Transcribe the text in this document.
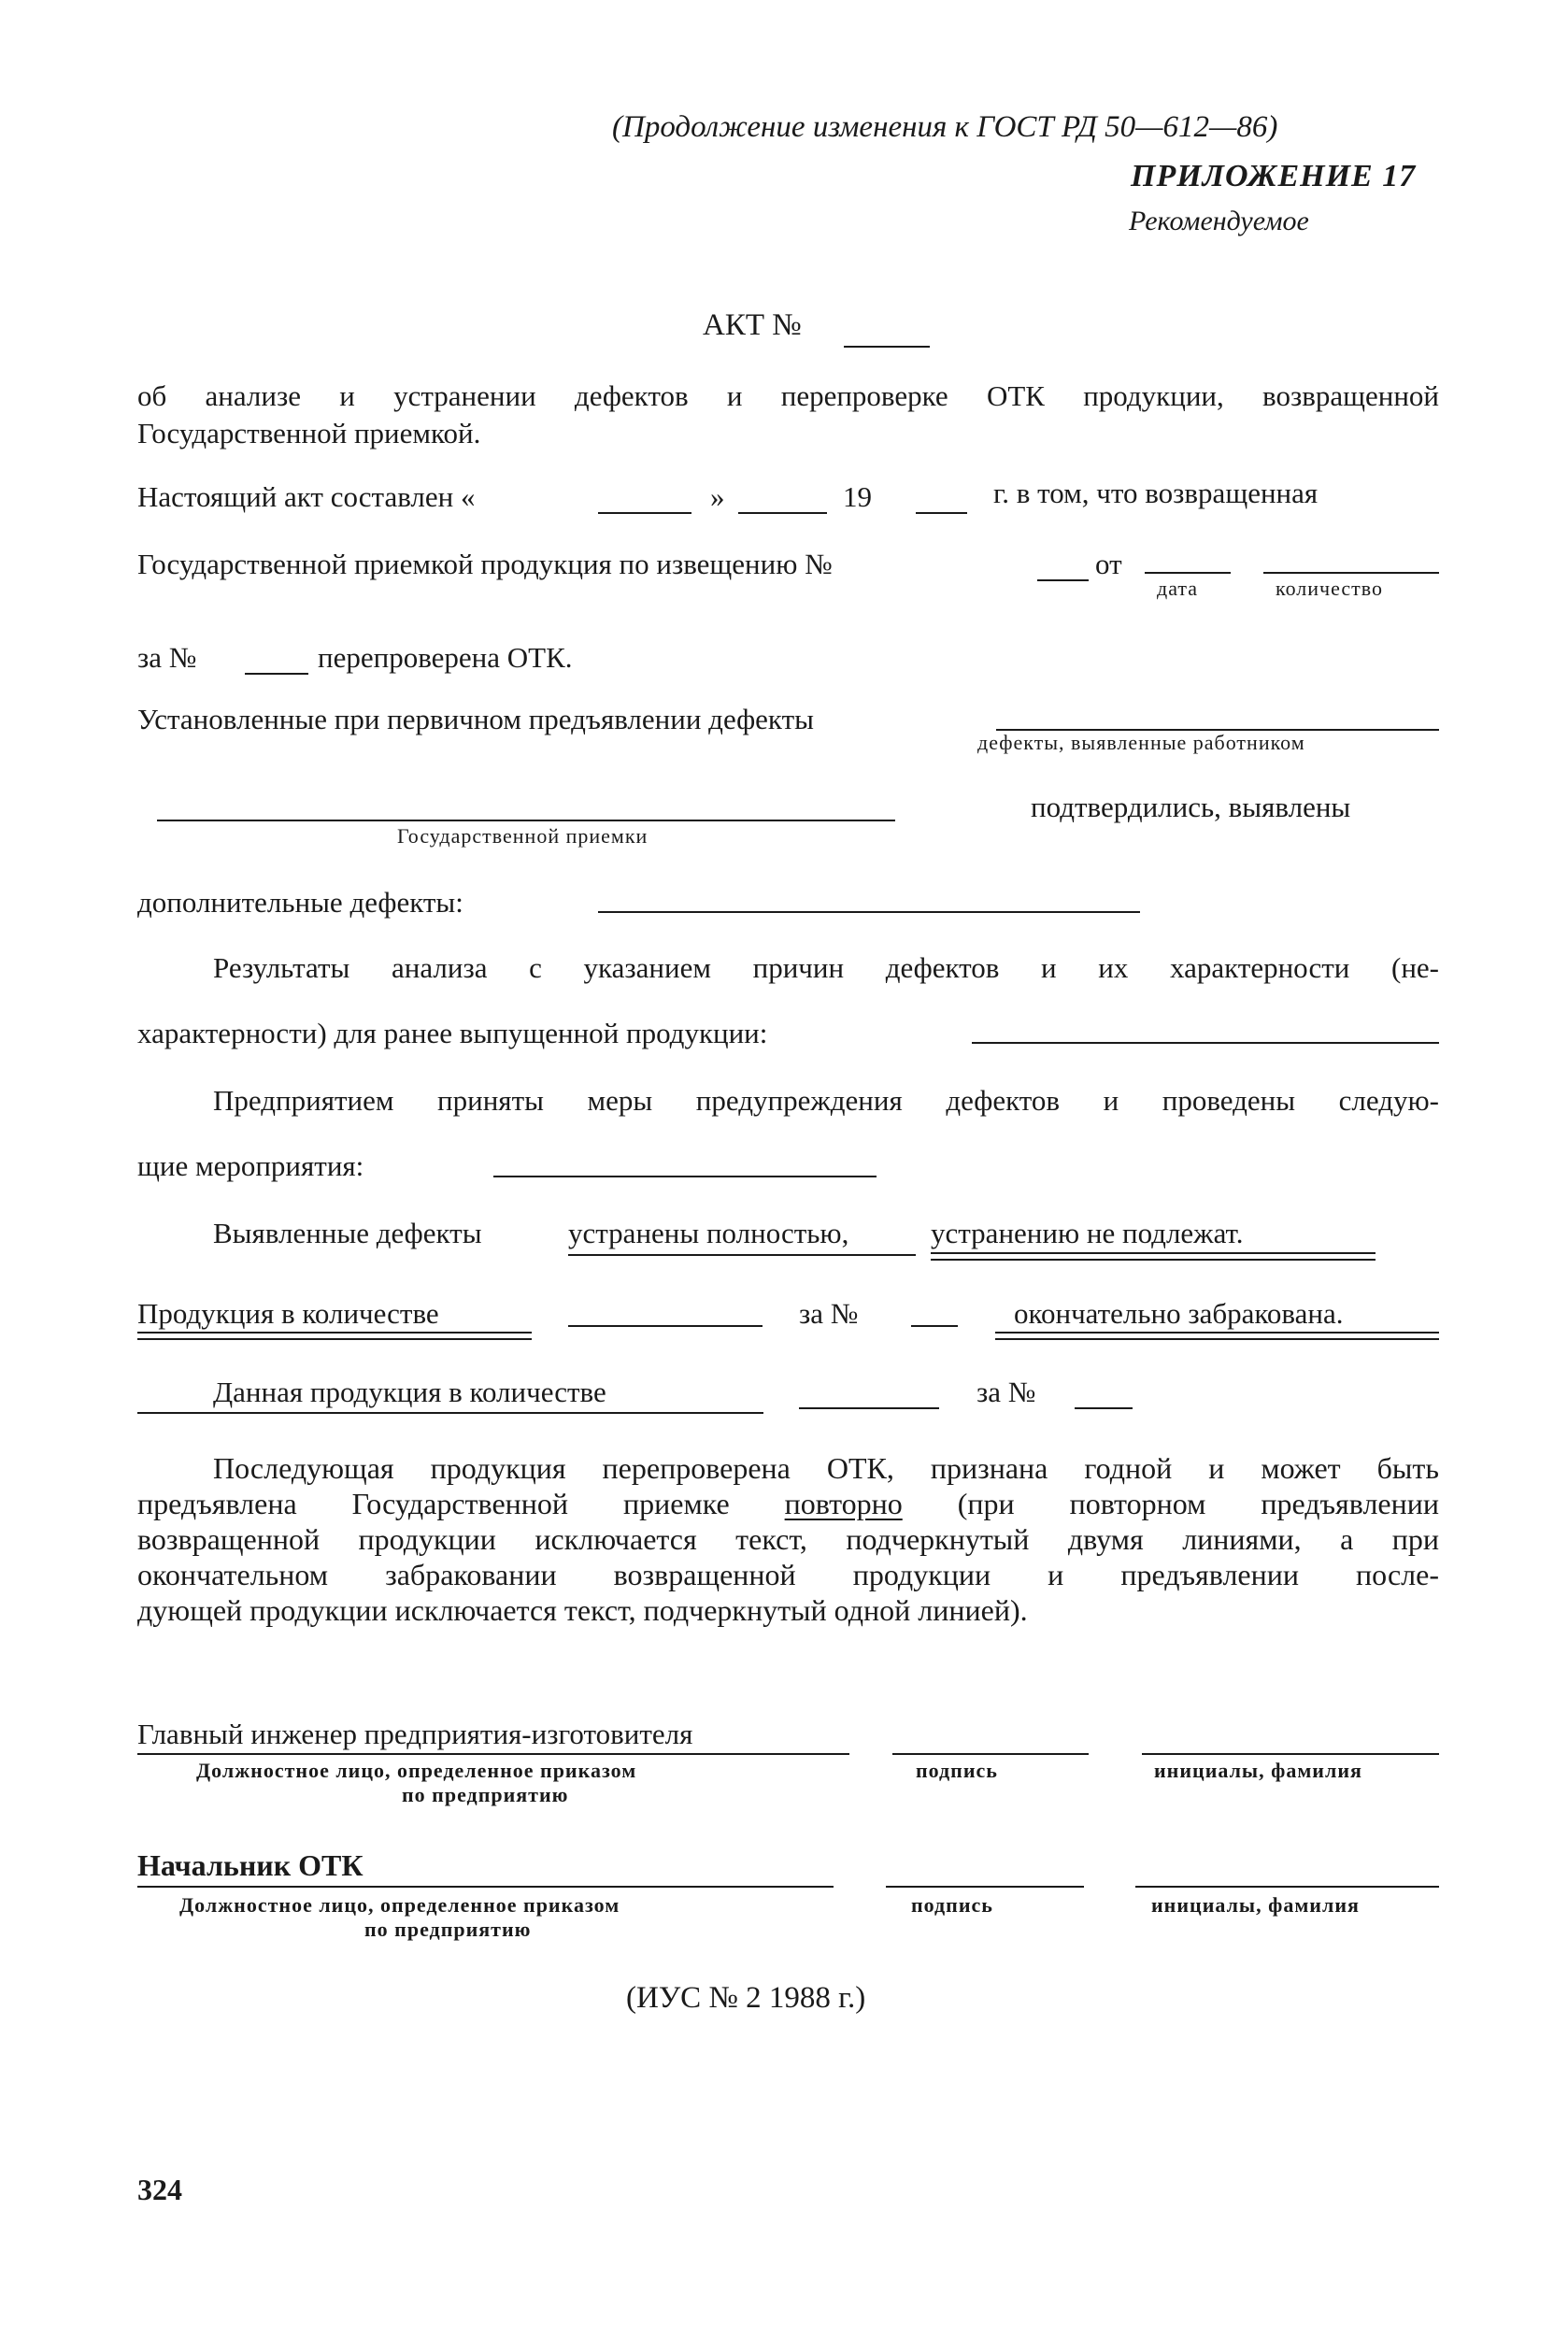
(Продолжение изменения к ГОСТ РД 50—612—86)
ПРИЛОЖЕНИЕ 17
Рекомендуемое
АКТ №
об анализе и устранении дефектов и перепроверке ОТК продукции, возвращенной
Государственной приемкой.
Настоящий акт составлен «	»	19	г. в том, что возвращенная
Государственной приемкой продукция по извещению №	от
дата	количество
за №	перепроверена ОТК.
Установленные при первичном предъявлении дефекты
дефекты, выявленные работником
Государственной приемки
подтвердились, выявлены
дополнительные дефекты:
Результаты анализа с указанием причин дефектов и их характерности (не-
характерности) для ранее выпущенной продукции:
Предприятием приняты меры предупреждения дефектов и проведены следую-
щие мероприятия:
Выявленные дефекты	устранены полностью,	устранению не подлежат.
Продукция в количестве	за №	окончательно забракована.
Данная продукция в количестве	за №
Последующая продукция перепроверена ОТК, признана годной и может быть
предъявлена Государственной приемке повторно (при повторном предъявлении
возвращенной продукции исключается текст, подчеркнутый двумя линиями, а при
окончательном забраковании возвращенной продукции и предъявлении после-
дующей продукции исключается текст, подчеркнутый одной линией).
Главный инженер предприятия-изготовителя
Должностное лицо, определенное приказом
по предприятию
подпись	инициалы, фамилия
Начальник ОТК
Должностное лицо, определенное приказом
по предприятию
подпись	инициалы, фамилия
(ИУС № 2 1988 г.)
324
